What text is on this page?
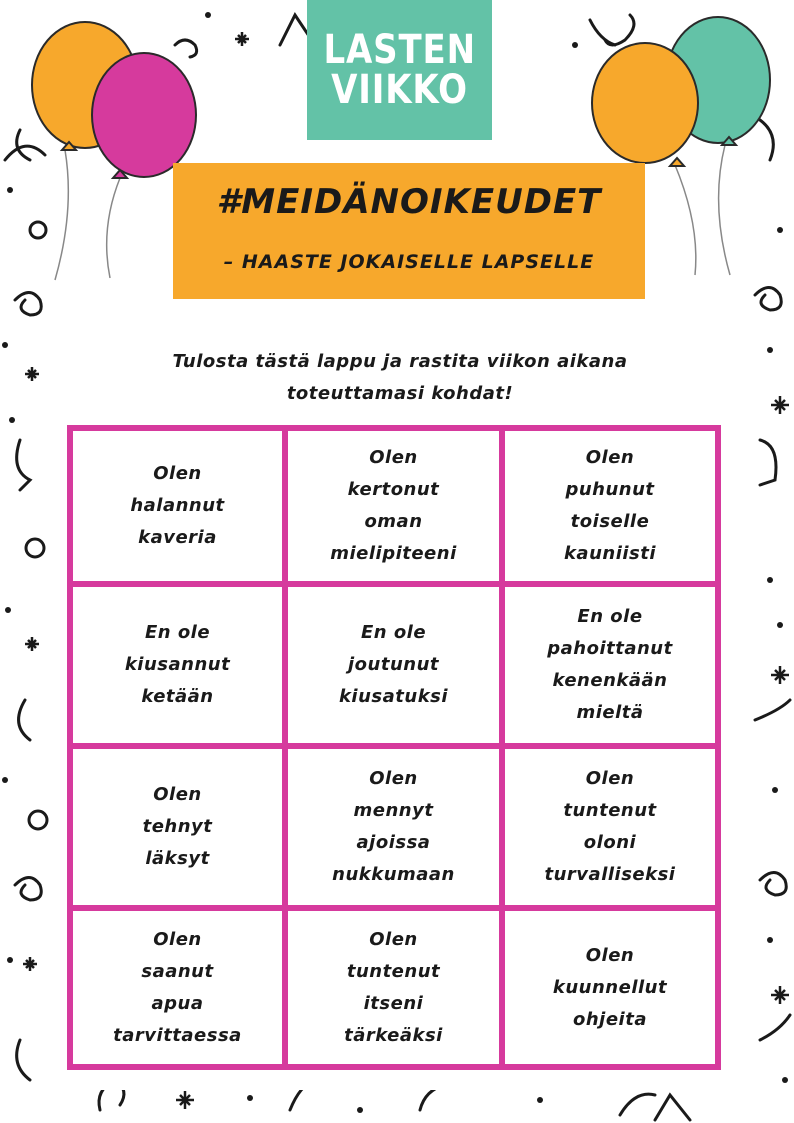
LASTEN
VIIKKO
#MEIDÄNOIKEUDET
– HAASTE JOKAISELLE LAPSELLE
Tulosta tästä lappu ja rastita viikon aikana
toteuttamasi kohdat!
Olen
halannut
kaveria
Olen
kertonut
oman
mielipiteeni
Olen
puhunut
toiselle
kauniisti
En ole
kiusannut
ketään
En ole
joutunut
kiusatuksi
En ole
pahoittanut
kenenkään
mieltä
Olen
tehnyt
läksyt
Olen
mennyt
ajoissa
nukkumaan
Olen
tuntenut
oloni
turvalliseksi
Olen
saanut
apua
tarvittaessa
Olen
tuntenut
itseni
tärkeäksi
Olen
kuunnellut
ohjeita
